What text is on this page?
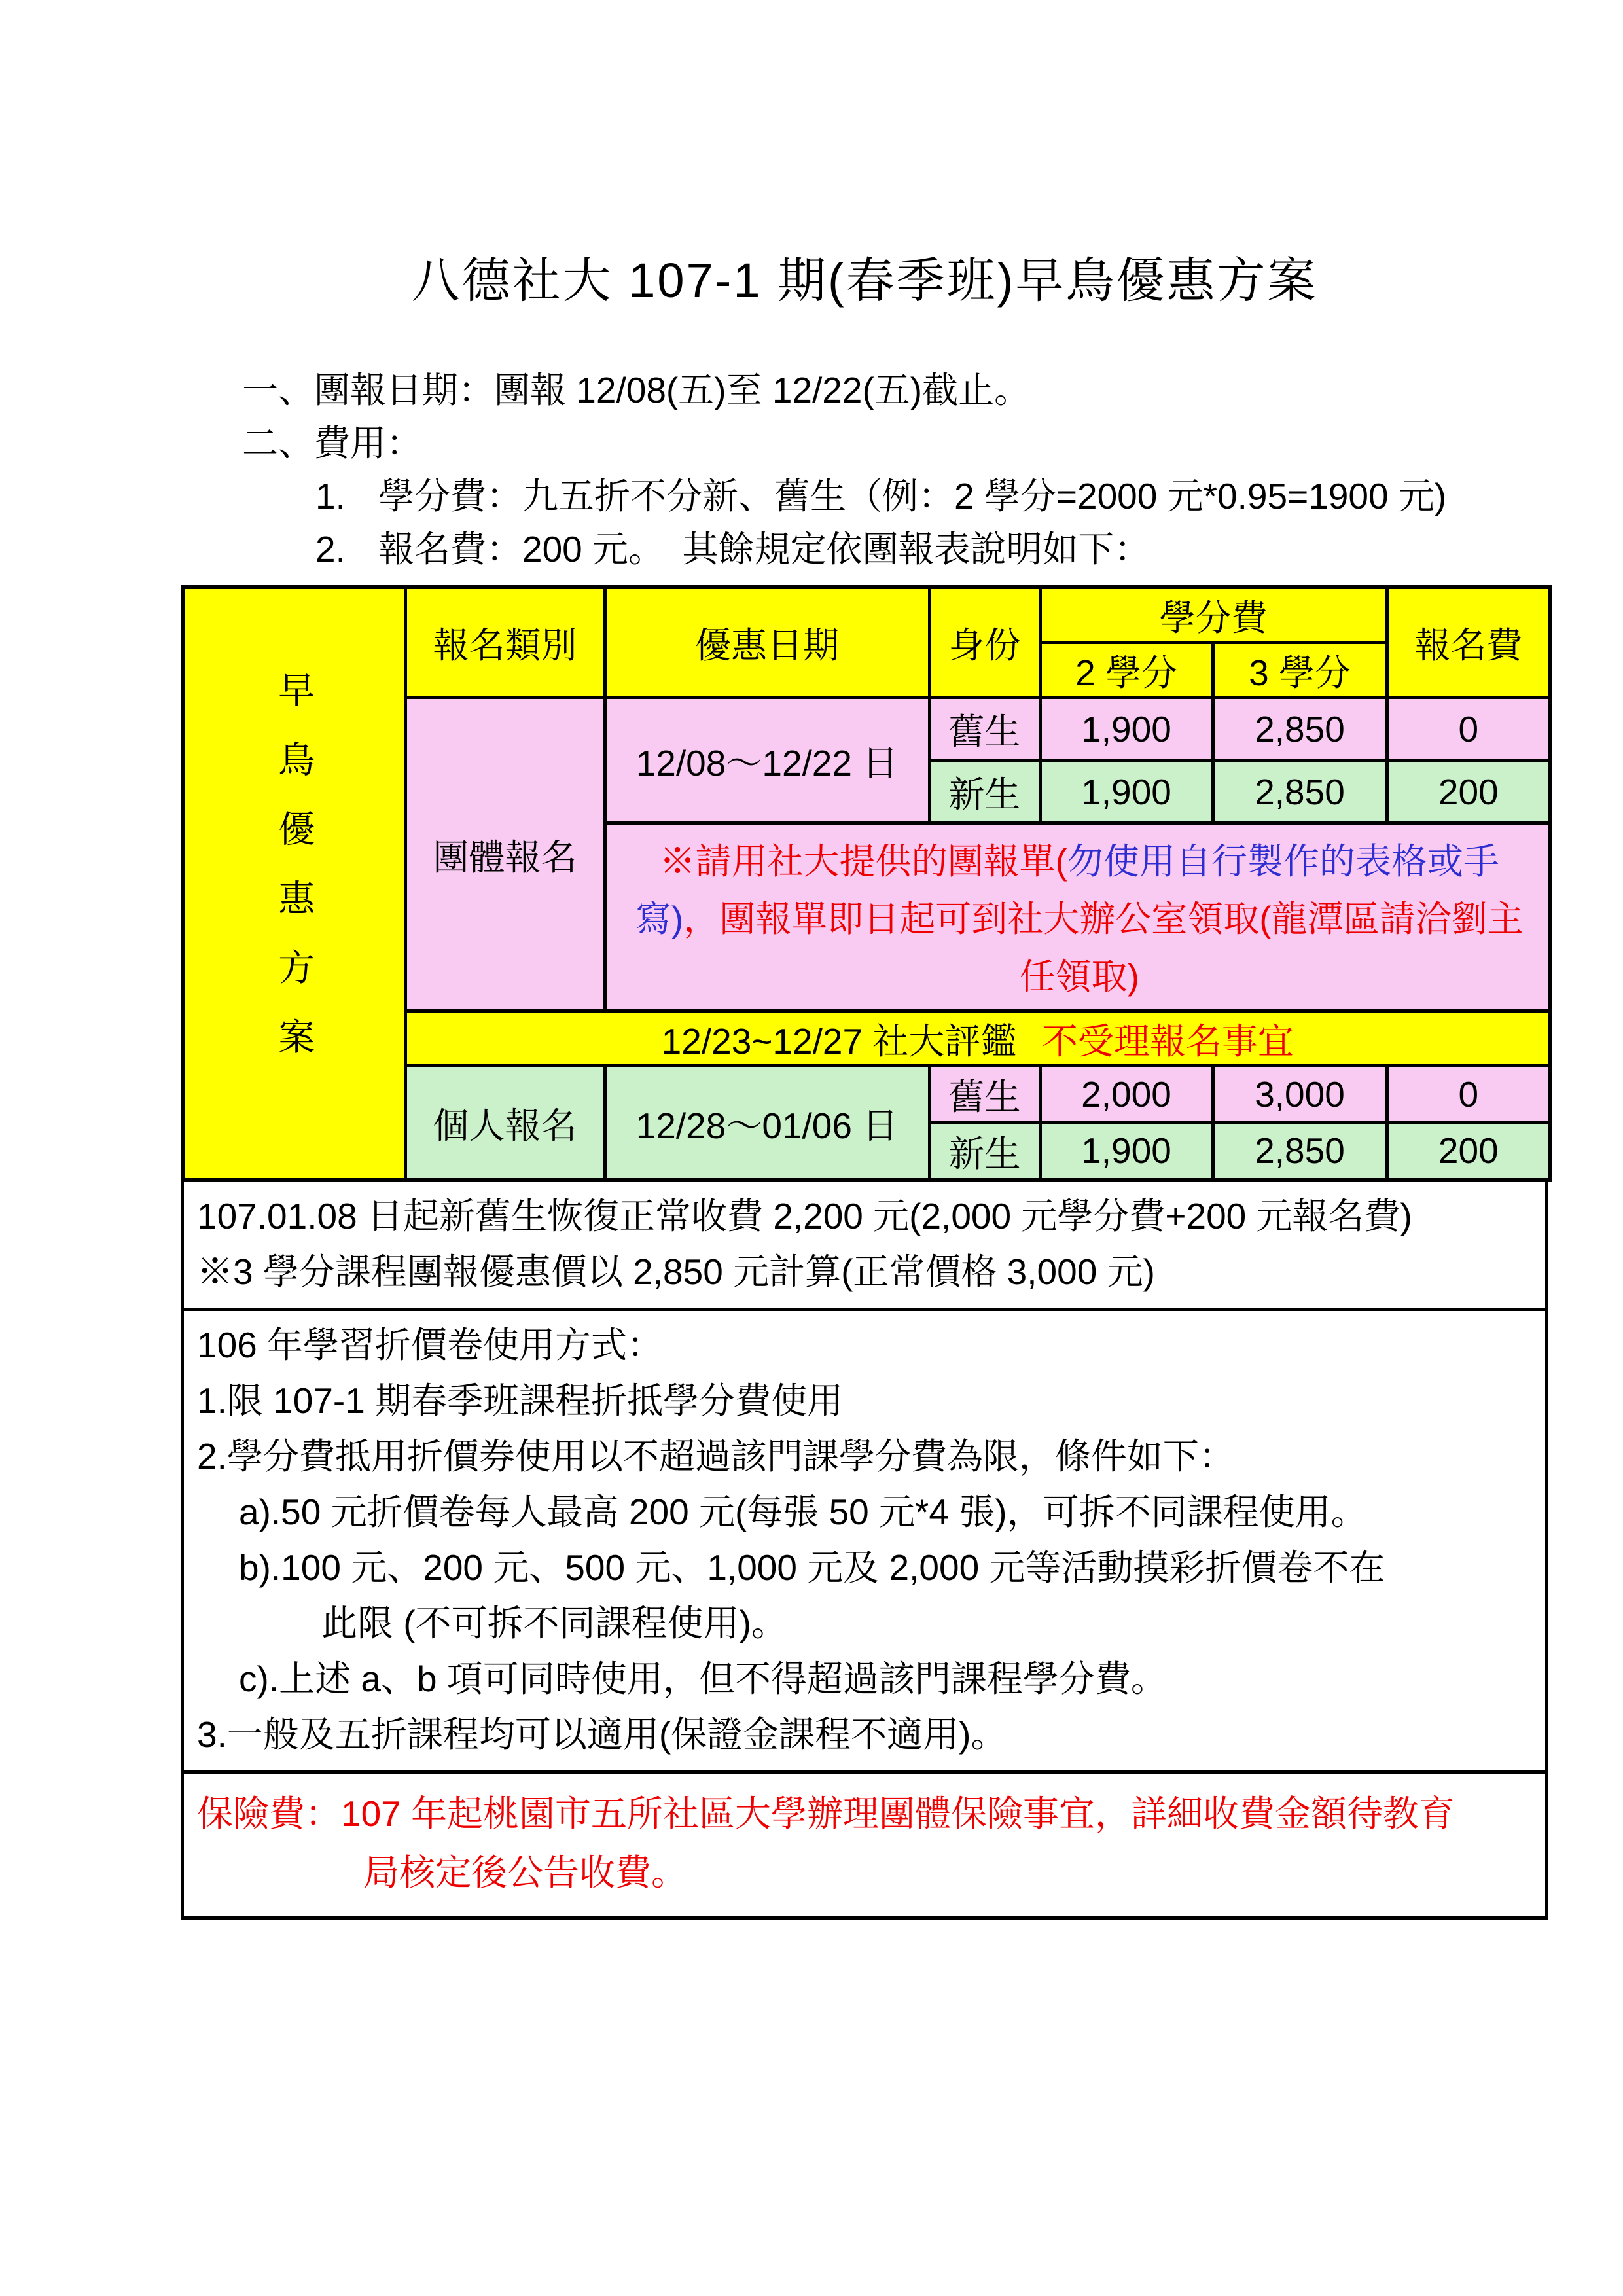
八德社大 107-1 期(春季班)早鳥優惠方案
一、團報日期：團報 12/08(五)至 12/22(五)截止。
二、費用：
1. 學分費：九五折不分新、舊生（例：2 學分=2000 元*0.95=1900 元)
2. 報名費：200 元。　其餘規定依團報表說明如下：
早鳥優惠方案	報名類別	優惠日期	身份	學分費		報名費
				2 學分	3 學分	
	團體報名	12/08～12/22 日	舊生	1,900	2,850	0
			新生	1,900	2,850	200
		※請用社大提供的團報單(勿使用自行製作的表格或手寫)，團報單即日起可到社大辦公室領取(龍潭區請洽劉主任領取)				
	12/23~12/27 社大評鑑 不受理報名事宜					
	個人報名	12/28～01/06 日	舊生	2,000	3,000	0
			新生	1,900	2,850	200
107.01.08 日起新舊生恢復正常收費 2,200 元(2,000 元學分費+200 元報名費)
※3 學分課程團報優惠價以 2,850 元計算(正常價格 3,000 元)
106 年學習折價卷使用方式：
1.限 107-1 期春季班課程折抵學分費使用
2.學分費抵用折價券使用以不超過該門課學分費為限，條件如下：
a).50 元折價卷每人最高 200 元(每張 50 元*4 張)，可拆不同課程使用。
b).100 元、200 元、500 元、1,000 元及 2,000 元等活動摸彩折價卷不在
此限 (不可拆不同課程使用)。
c).上述 a、b 項可同時使用，但不得超過該門課程學分費。
3.一般及五折課程均可以適用(保證金課程不適用)。
保險費：107 年起桃園市五所社區大學辦理團體保險事宜，詳細收費金額待教育
局核定後公告收費。
